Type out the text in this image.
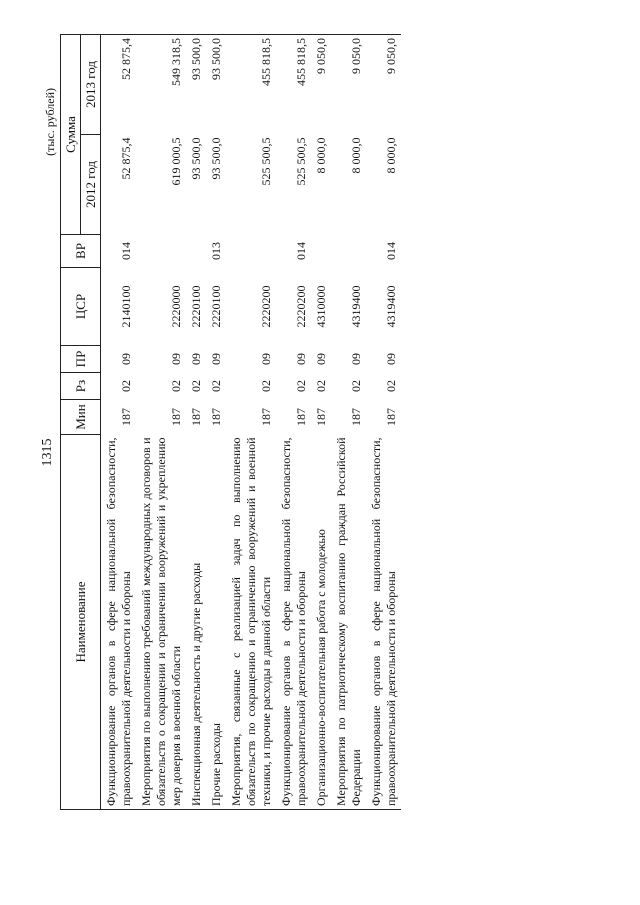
1315
(тыс. рублей)
Наименование	Мин	Рз	ПР	ЦСР	ВР	Сумма	
						2012 год	2013 год
Функционирование органов в сфере национальной безопасности, правоохранительной деятельности и обороны	187	02	09	2140100	014	52 875,4	52 875,4
Мероприятия по выполнению требований международных договоров и обязательств о сокращении и ограничении вооружений и укреплению мер доверия в военной области	187	02	09	2220000		619 000,5	549 318,5
Инспекционная деятельность и другие расходы	187	02	09	2220100		93 500,0	93 500,0
Прочие расходы	187	02	09	2220100	013	93 500,0	93 500,0
Мероприятия, связанные с реализацией задач по выполнению обязательств по сокращению и ограничению вооружений и военной техники, и прочие расходы в данной области	187	02	09	2220200		525 500,5	455 818,5
Функционирование органов в сфере национальной безопасности, правоохранительной деятельности и обороны	187	02	09	2220200	014	525 500,5	455 818,5
Организационно-воспитательная работа с молодежью	187	02	09	4310000		8 000,0	9 050,0
Мероприятия по патриотическому воспитанию граждан Российской Федерации	187	02	09	4319400		8 000,0	9 050,0
Функционирование органов в сфере национальной безопасности, правоохранительной деятельности и обороны	187	02	09	4319400	014	8 000,0	9 050,0
